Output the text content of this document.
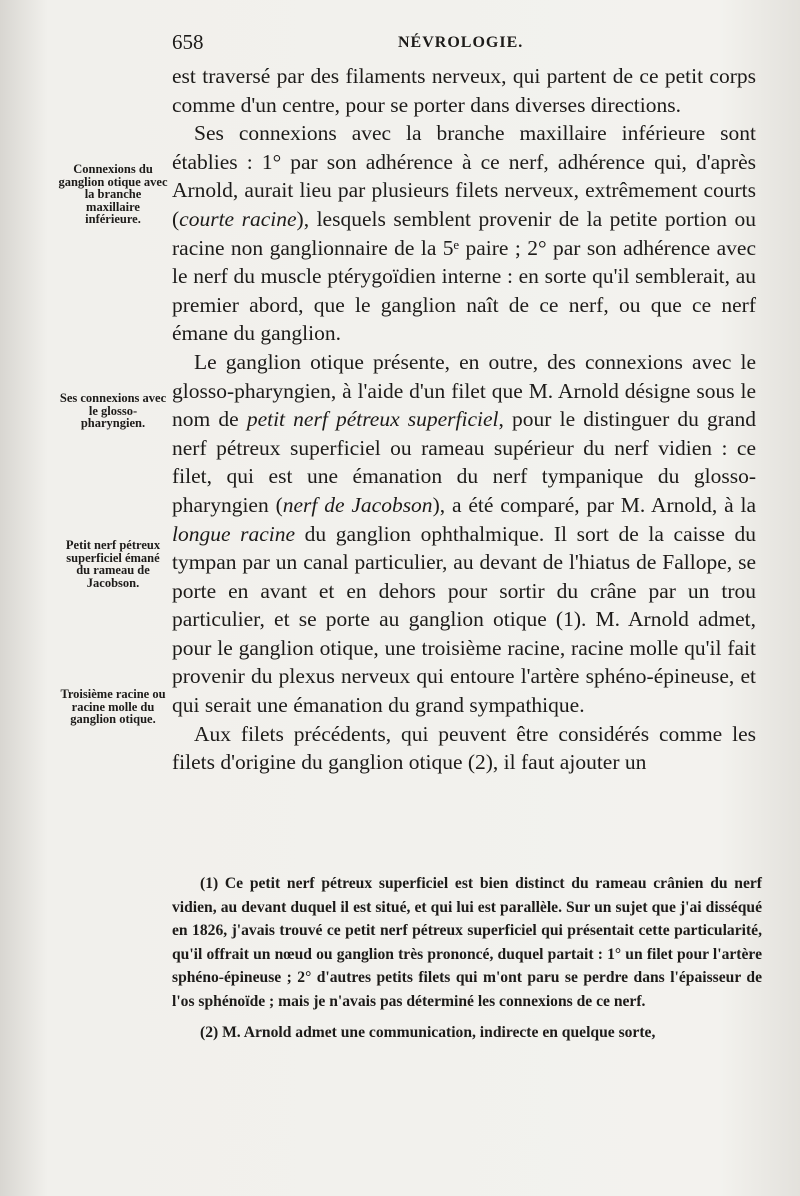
658	NÉVROLOGIE.
Connexions du ganglion otique avec la branche maxillaire inférieure.
Ses connexions avec le glosso-pharyngien.
Petit nerf pétreux superficiel émané du rameau de Jacobson.
Troisième racine ou racine molle du ganglion otique.

est traversé par des filaments nerveux, qui partent de ce petit corps comme d'un centre, pour se porter dans diverses directions.

Ses connexions avec la branche maxillaire inférieure sont établies : 1° par son adhérence à ce nerf, adhérence qui, d'après Arnold, aurait lieu par plusieurs filets nerveux, extrêmement courts (courte racine), lesquels semblent provenir de la petite portion ou racine non ganglionnaire de la 5ᵉ paire ; 2° par son adhérence avec le nerf du muscle ptérygoïdien interne : en sorte qu'il semblerait, au premier abord, que le ganglion naît de ce nerf, ou que ce nerf émane du ganglion.

Le ganglion otique présente, en outre, des connexions avec le glosso-pharyngien, à l'aide d'un filet que M. Arnold désigne sous le nom de petit nerf pétreux superficiel, pour le distinguer du grand nerf pétreux superficiel ou rameau supérieur du nerf vidien : ce filet, qui est une émanation du nerf tympanique du glosso-pharyngien (nerf de Jacobson), a été comparé, par M. Arnold, à la longue racine du ganglion ophthalmique. Il sort de la caisse du tympan par un canal particulier, au devant de l'hiatus de Fallope, se porte en avant et en dehors pour sortir du crâne par un trou particulier, et se porte au ganglion otique (1). M. Arnold admet, pour le ganglion otique, une troisième racine, racine molle qu'il fait provenir du plexus nerveux qui entoure l'artère sphéno-épineuse, et qui serait une émanation du grand sympathique.

Aux filets précédents, qui peuvent être considérés comme les filets d'origine du ganglion otique (2), il faut ajouter un

(1) Ce petit nerf pétreux superficiel est bien distinct du rameau crânien du nerf vidien, au devant duquel il est situé, et qui lui est parallèle. Sur un sujet que j'ai disséqué en 1826, j'avais trouvé ce petit nerf pétreux superficiel qui présentait cette particularité, qu'il offrait un nœud ou ganglion très prononcé, duquel partait : 1° un filet pour l'artère sphéno-épineuse ; 2° d'autres petits filets qui m'ont paru se perdre dans l'épaisseur de l'os sphénoïde ; mais je n'avais pas déterminé les connexions de ce nerf.

(2) M. Arnold admet une communication, indirecte en quelque sorte,
